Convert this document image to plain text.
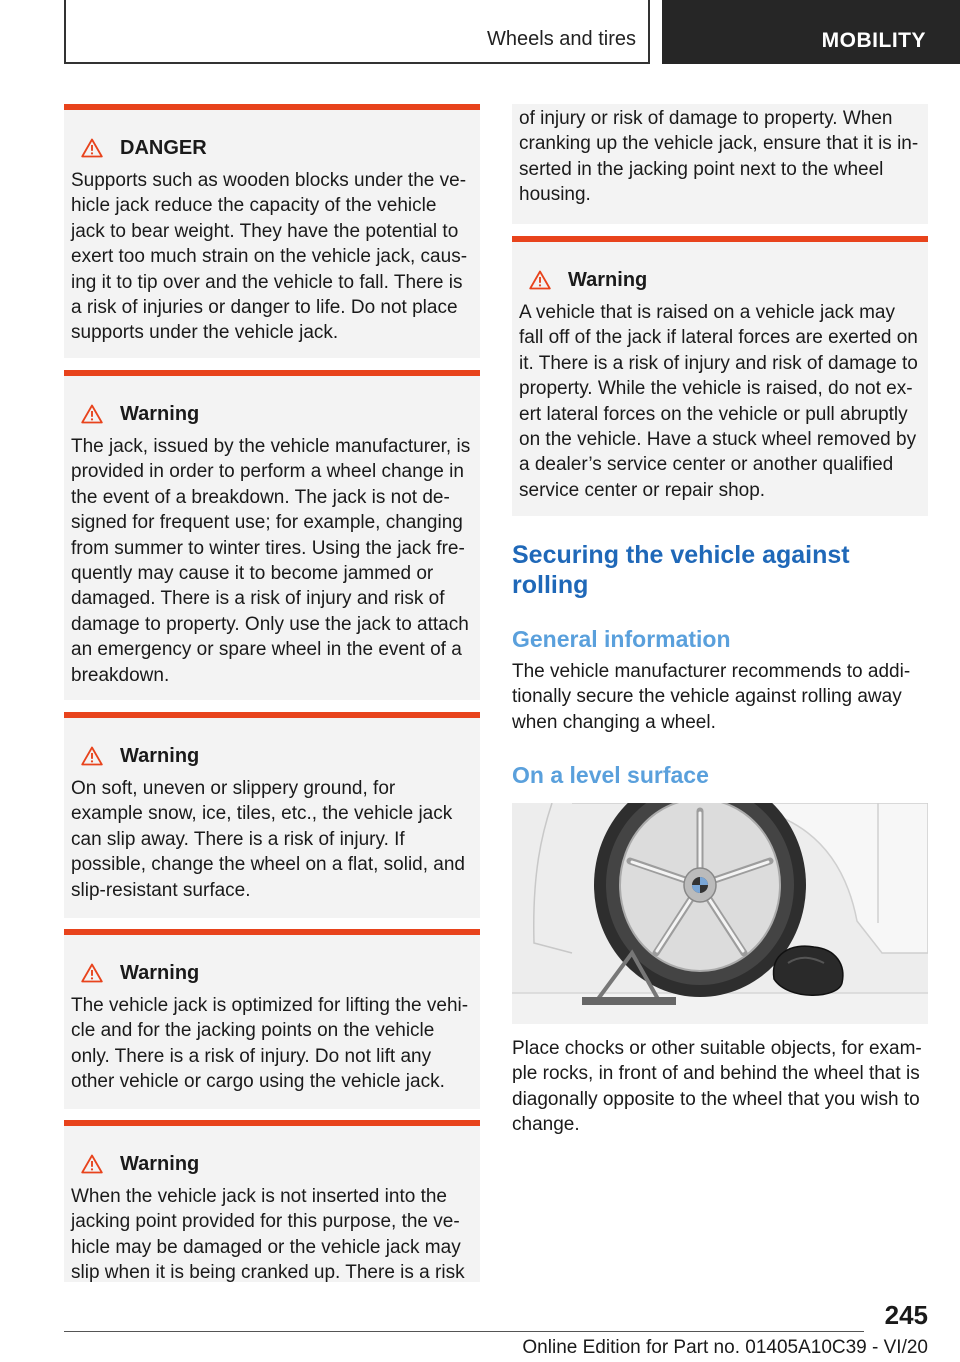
Wheels and tires	MOBILITY
DANGER
Supports such as wooden blocks under the vehicle jack reduce the capacity of the vehicle jack to bear weight. They have the potential to exert too much strain on the vehicle jack, causing it to tip over and the vehicle to fall. There is a risk of injuries or danger to life. Do not place supports under the vehicle jack.
Warning
The jack, issued by the vehicle manufacturer, is provided in order to perform a wheel change in the event of a breakdown. The jack is not designed for frequent use; for example, changing from summer to winter tires. Using the jack frequently may cause it to become jammed or damaged. There is a risk of injury and risk of damage to property. Only use the jack to attach an emergency or spare wheel in the event of a breakdown.
Warning
On soft, uneven or slippery ground, for example snow, ice, tiles, etc., the vehicle jack can slip away. There is a risk of injury. If possible, change the wheel on a flat, solid, and slip-resistant surface.
Warning
The vehicle jack is optimized for lifting the vehicle and for the jacking points on the vehicle only. There is a risk of injury. Do not lift any other vehicle or cargo using the vehicle jack.
Warning
When the vehicle jack is not inserted into the jacking point provided for this purpose, the vehicle may be damaged or the vehicle jack may slip when it is being cranked up. There is a risk
of injury or risk of damage to property. When cranking up the vehicle jack, ensure that it is inserted in the jacking point next to the wheel housing.
Warning
A vehicle that is raised on a vehicle jack may fall off of the jack if lateral forces are exerted on it. There is a risk of injury and risk of damage to property. While the vehicle is raised, do not exert lateral forces on the vehicle or pull abruptly on the vehicle. Have a stuck wheel removed by a dealer’s service center or another qualified service center or repair shop.
Securing the vehicle against rolling
General information
The vehicle manufacturer recommends to additionally secure the vehicle against rolling away when changing a wheel.
On a level surface
Place chocks or other suitable objects, for example rocks, in front of and behind the wheel that is diagonally opposite to the wheel that you wish to change.
245
Online Edition for Part no. 01405A10C39 - VI/20
